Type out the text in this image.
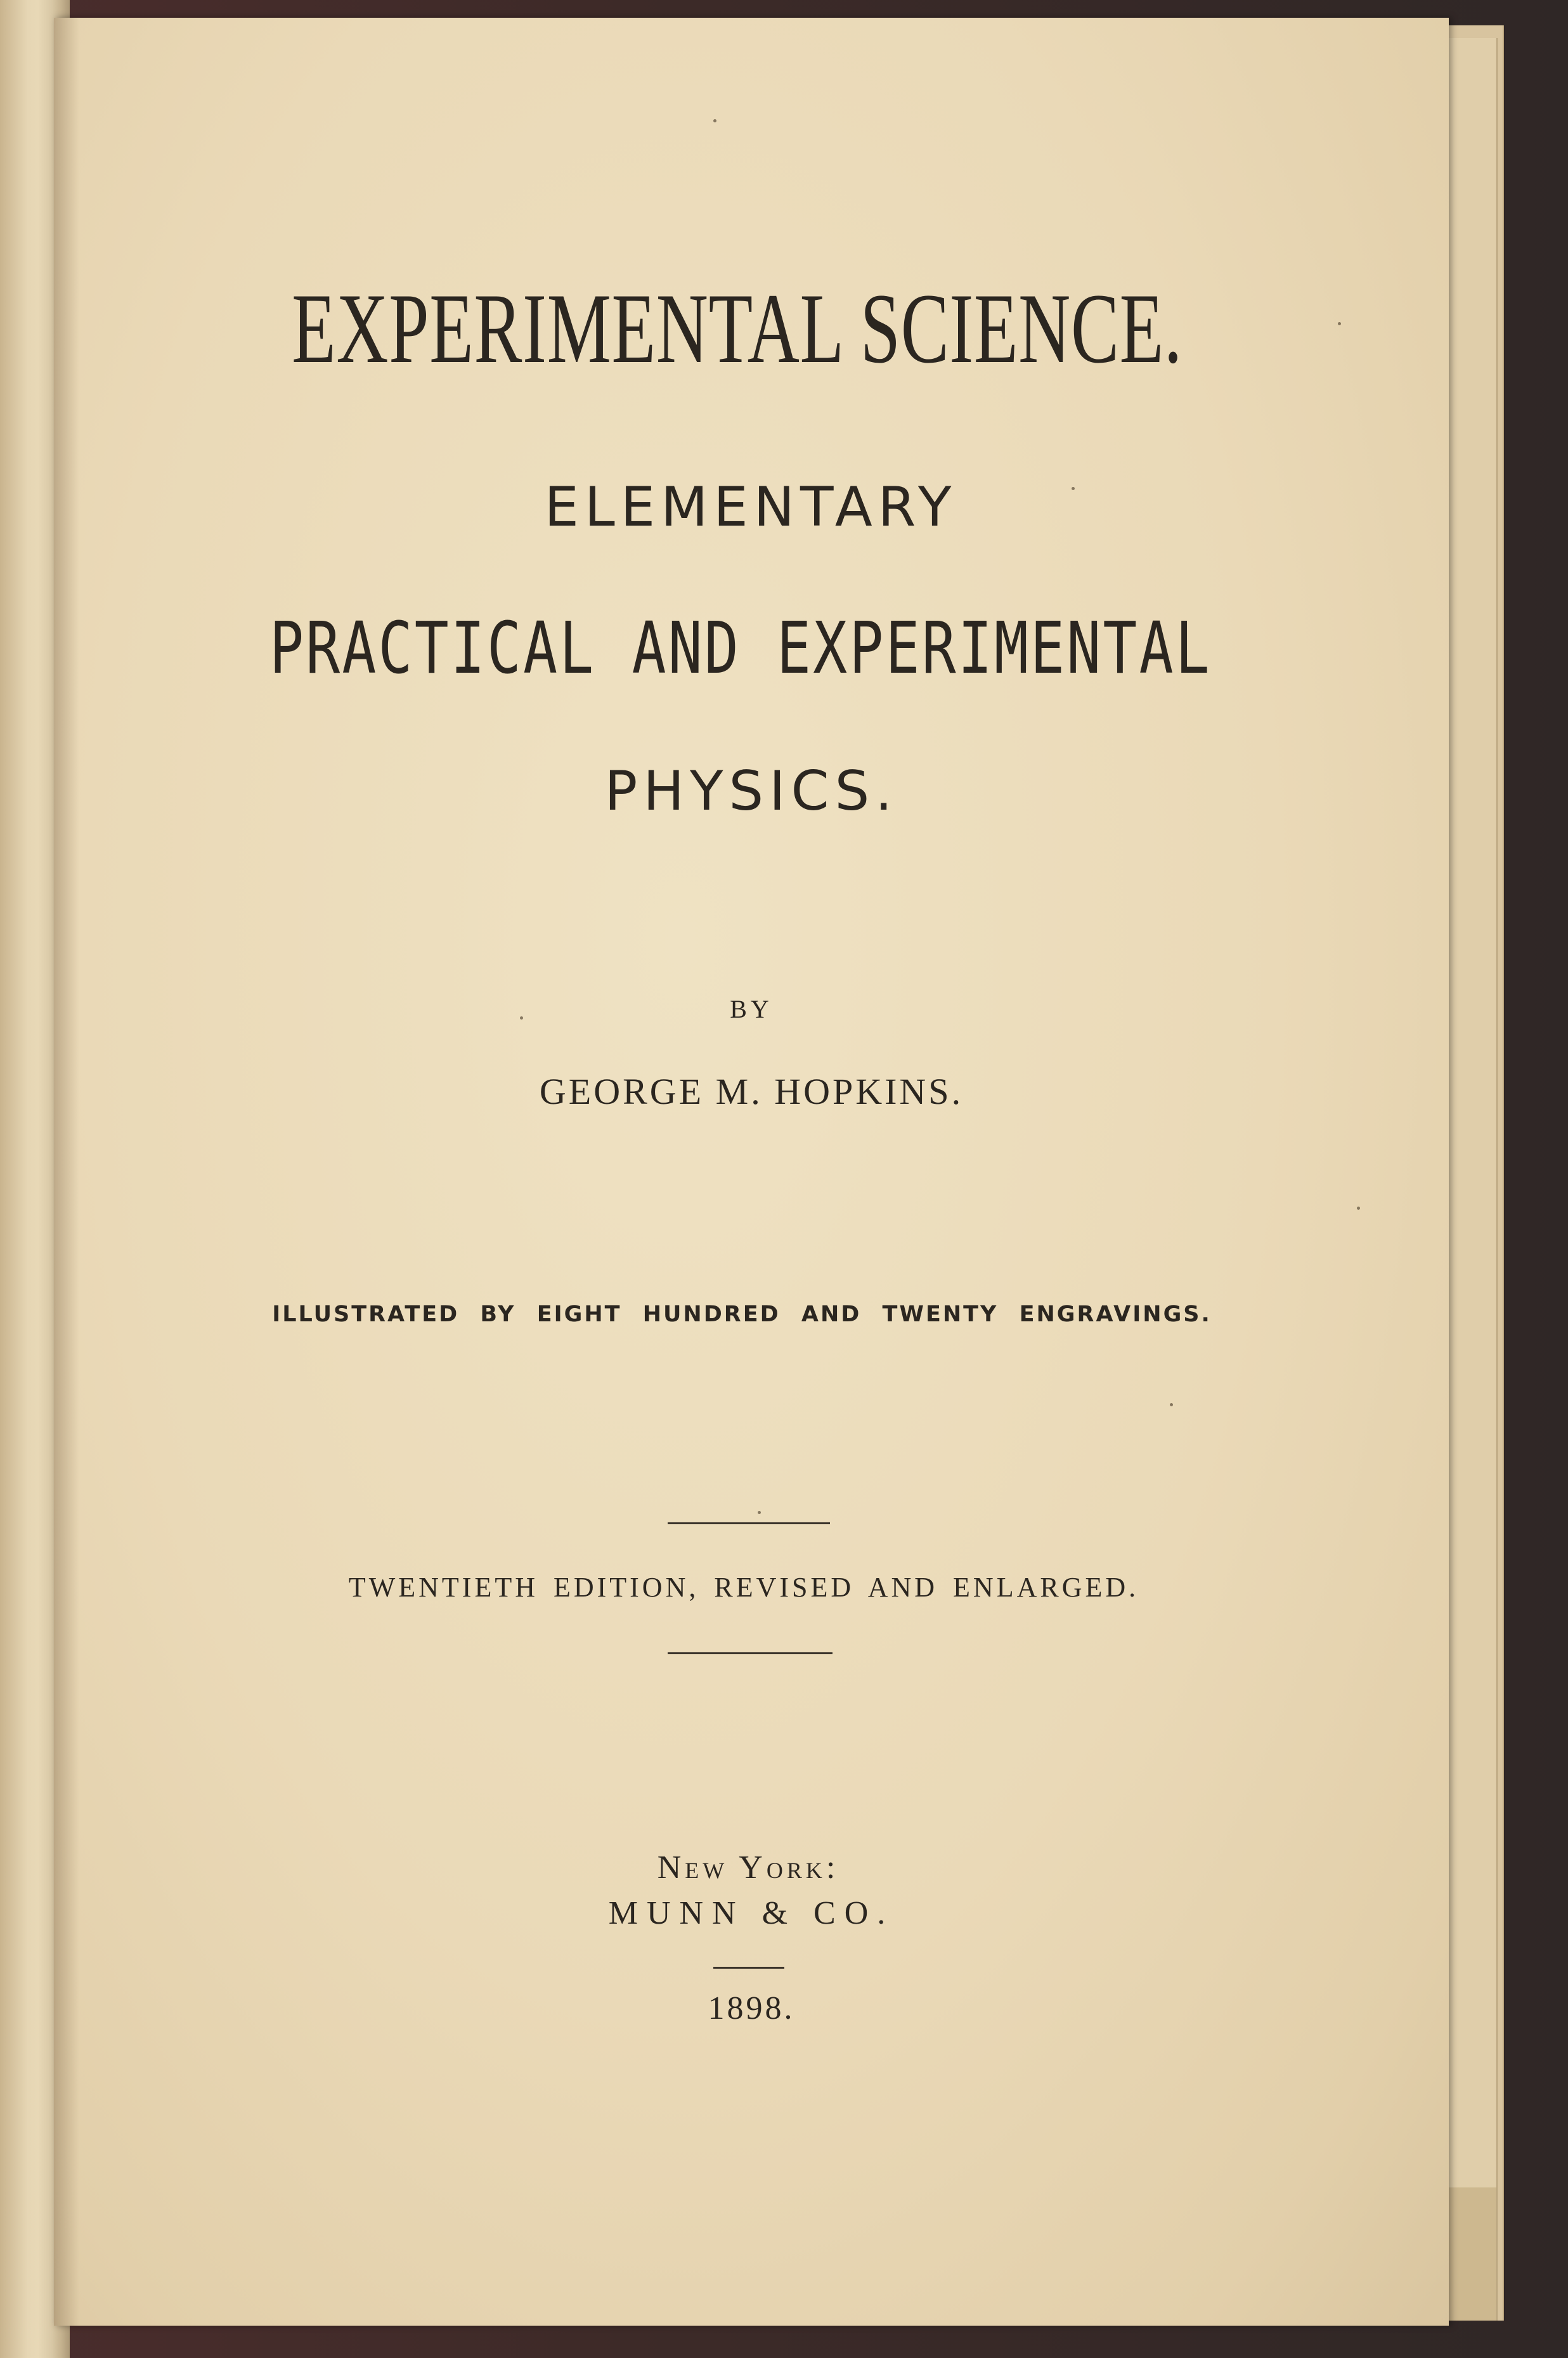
EXPERIMENTAL SCIENCE.

ELEMENTARY

PRACTICAL AND EXPERIMENTAL

PHYSICS.

BY

GEORGE M. HOPKINS.

ILLUSTRATED BY EIGHT HUNDRED AND TWENTY ENGRAVINGS.

TWENTIETH EDITION, REVISED AND ENLARGED.

New York:

MUNN & CO.

1898.
